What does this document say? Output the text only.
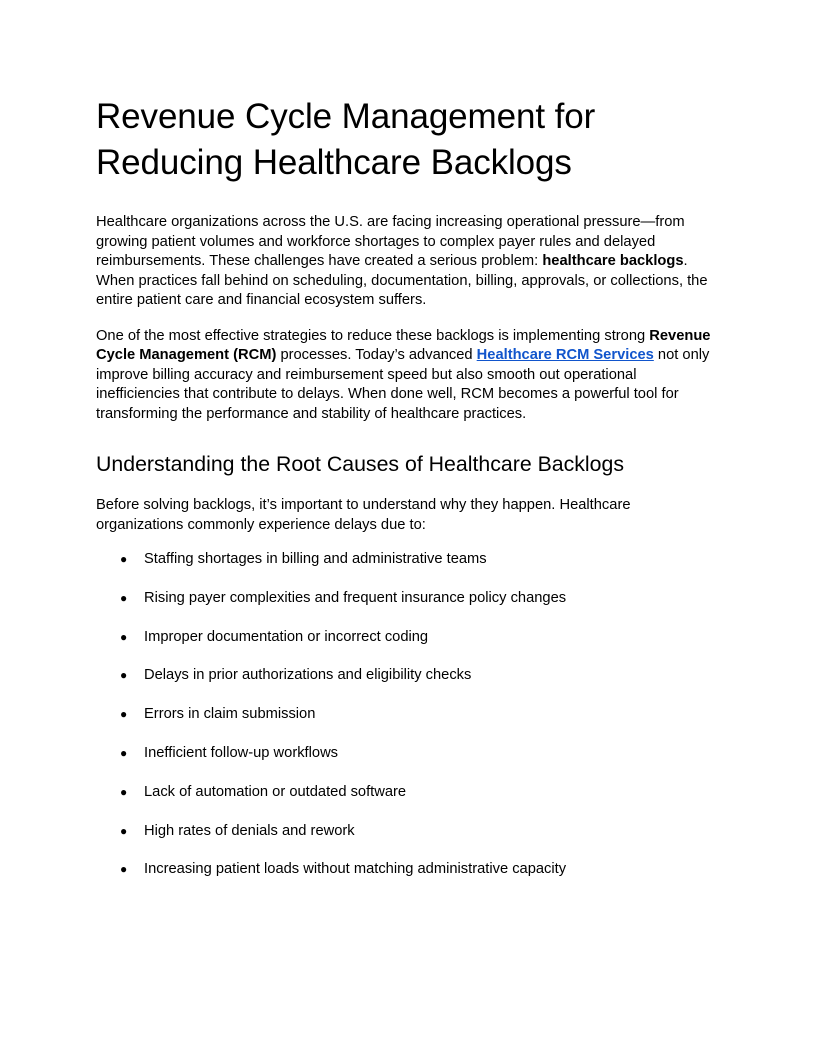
Revenue Cycle Management for Reducing Healthcare Backlogs

Healthcare organizations across the U.S. are facing increasing operational pressure—from growing patient volumes and workforce shortages to complex payer rules and delayed reimbursements. These challenges have created a serious problem: healthcare backlogs. When practices fall behind on scheduling, documentation, billing, approvals, or collections, the entire patient care and financial ecosystem suffers.

One of the most effective strategies to reduce these backlogs is implementing strong Revenue Cycle Management (RCM) processes. Today’s advanced Healthcare RCM Services not only improve billing accuracy and reimbursement speed but also smooth out operational inefficiencies that contribute to delays. When done well, RCM becomes a powerful tool for transforming the performance and stability of healthcare practices.

Understanding the Root Causes of Healthcare Backlogs

Before solving backlogs, it’s important to understand why they happen. Healthcare organizations commonly experience delays due to:

● Staffing shortages in billing and administrative teams
● Rising payer complexities and frequent insurance policy changes
● Improper documentation or incorrect coding
● Delays in prior authorizations and eligibility checks
● Errors in claim submission
● Inefficient follow-up workflows
● Lack of automation or outdated software
● High rates of denials and rework
● Increasing patient loads without matching administrative capacity
